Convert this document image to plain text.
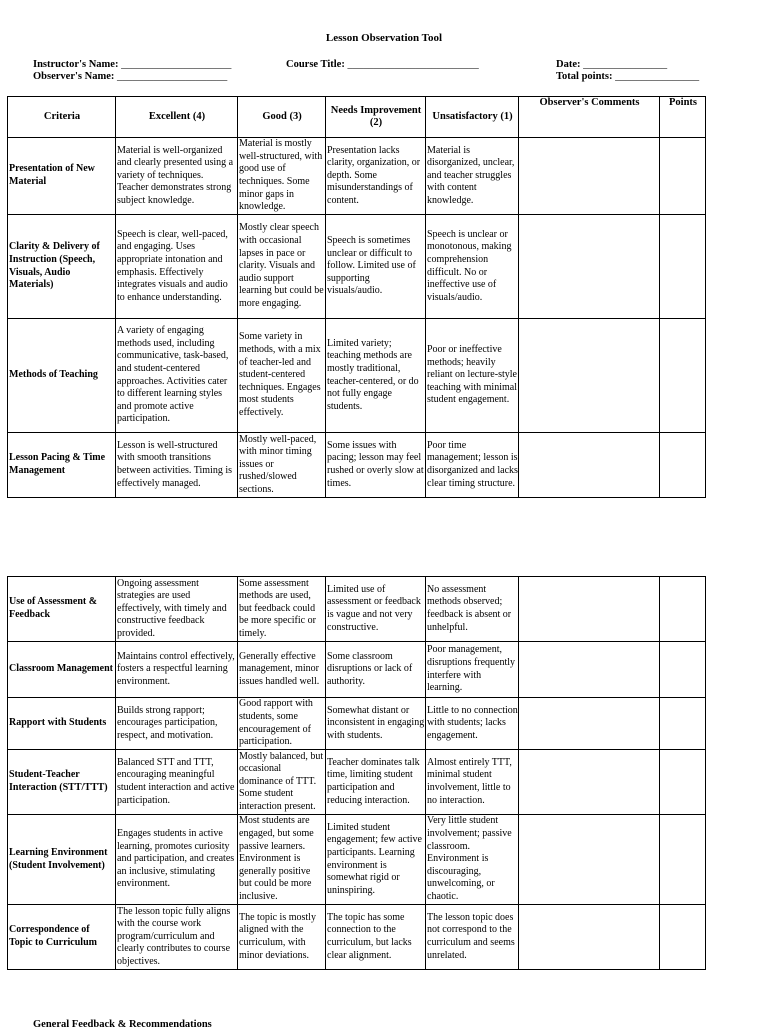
Lesson Observation Tool
Instructor's Name: _____________________
Observer's Name: _____________________
Course Title: _________________________	Date: ________________
Total points: ________________
Criteria	Excellent (4)	Good (3)	Needs Improvement (2)	Unsatisfactory (1)	Observer's Comments	Points
Presentation of New Material	Material is well-organized and clearly presented using a variety of techniques. Teacher demonstrates strong subject knowledge.	Material is mostly well-structured, with good use of techniques. Some minor gaps in knowledge.	Presentation lacks clarity, organization, or depth. Some misunderstandings of content.	Material is disorganized, unclear, and teacher struggles with content knowledge.		
Clarity & Delivery of Instruction (Speech, Visuals, Audio Materials)	Speech is clear, well-paced, and engaging. Uses appropriate intonation and emphasis. Effectively integrates visuals and audio to enhance understanding.	Mostly clear speech with occasional lapses in pace or clarity. Visuals and audio support learning but could be more engaging.	Speech is sometimes unclear or difficult to follow. Limited use of supporting visuals/audio.	Speech is unclear or monotonous, making comprehension difficult. No or ineffective use of visuals/audio.		
Methods of Teaching	A variety of engaging methods used, including communicative, task-based, and student-centered approaches. Activities cater to different learning styles and promote active participation.	Some variety in methods, with a mix of teacher-led and student-centered techniques. Engages most students effectively.	Limited variety; teaching methods are mostly traditional, teacher-centered, or do not fully engage students.	Poor or ineffective methods; heavily reliant on lecture-style teaching with minimal student engagement.		
Lesson Pacing & Time Management	Lesson is well-structured with smooth transitions between activities. Timing is effectively managed.	Mostly well-paced, with minor timing issues or rushed/slowed sections.	Some issues with pacing; lesson may feel rushed or overly slow at times.	Poor time management; lesson is disorganized and lacks clear timing structure.		
Use of Assessment & Feedback	Ongoing assessment strategies are used effectively, with timely and constructive feedback provided.	Some assessment methods are used, but feedback could be more specific or timely.	Limited use of assessment or feedback is vague and not very constructive.	No assessment methods observed; feedback is absent or unhelpful.		
Classroom Management	Maintains control effectively, fosters a respectful learning environment.	Generally effective management, minor issues handled well.	Some classroom disruptions or lack of authority.	Poor management, disruptions frequently interfere with learning.		
Rapport with Students	Builds strong rapport; encourages participation, respect, and motivation.	Good rapport with students, some encouragement of participation.	Somewhat distant or inconsistent in engaging with students.	Little to no connection with students; lacks engagement.		
Student-Teacher Interaction (STT/TTT)	Balanced STT and TTT, encouraging meaningful student interaction and active participation.	Mostly balanced, but occasional dominance of TTT. Some student interaction present.	Teacher dominates talk time, limiting student participation and reducing interaction.	Almost entirely TTT, minimal student involvement, little to no interaction.		
Learning Environment (Student Involvement)	Engages students in active learning, promotes curiosity and participation, and creates an inclusive, stimulating environment.	Most students are engaged, but some passive learners. Environment is generally positive but could be more inclusive.	Limited student engagement; few active participants. Learning environment is somewhat rigid or uninspiring.	Very little student involvement; passive classroom. Environment is discouraging, unwelcoming, or chaotic.		
Correspondence of Topic to Curriculum	The lesson topic fully aligns with the course work program/curriculum and clearly contributes to course objectives.	The topic is mostly aligned with the curriculum, with minor deviations.	The topic has some connection to the curriculum, but lacks clear alignment.	The lesson topic does not correspond to the curriculum and seems unrelated.		
General Feedback & Recommendations
